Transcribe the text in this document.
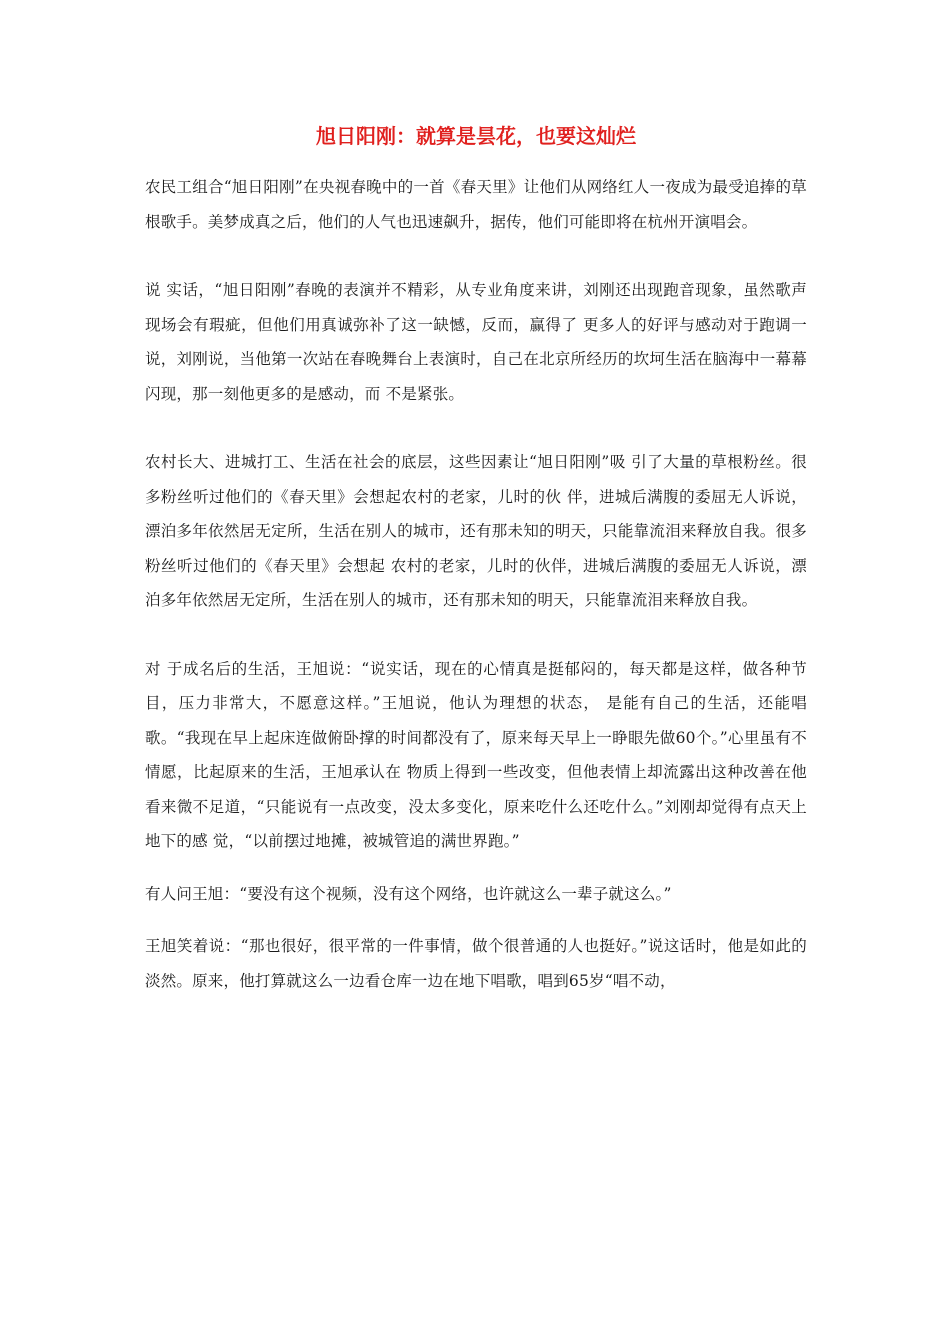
旭日阳刚：就算是昙花，也要这灿烂

农民工组合“旭日阳刚”在央视春晚中的一首《春天里》让他们从网络红人一夜成为最受追捧的草根歌手。美梦成真之后，他们的人气也迅速飙升，据传，他们可能即将在杭州开演唱会。

说 实话，“旭日阳刚”春晚的表演并不精彩，从专业角度来讲，刘刚还出现跑音现象，虽然歌声现场会有瑕疵，但他们用真诚弥补了这一缺憾，反而，赢得了 更多人的好评与感动对于跑调一说，刘刚说，当他第一次站在春晚舞台上表演时，自己在北京所经历的坎坷生活在脑海中一幕幕闪现，那一刻他更多的是感动，而 不是紧张。

农村长大、进城打工、生活在社会的底层，这些因素让“旭日阳刚”吸 引了大量的草根粉丝。很多粉丝听过他们的《春天里》会想起农村的老家，儿时的伙 伴，进城后满腹的委屈无人诉说，漂泊多年依然居无定所，生活在别人的城市，还有那未知的明天，只能靠流泪来释放自我。很多粉丝听过他们的《春天里》会想起 农村的老家，儿时的伙伴，进城后满腹的委屈无人诉说，漂泊多年依然居无定所，生活在别人的城市，还有那未知的明天，只能靠流泪来释放自我。

对 于成名后的生活，王旭说：“说实话，现在的心情真是挺郁闷的，每天都是这样，做各种节目，压力非常大，不愿意这样。”王旭说，他认为理想的状态， 是能有自己的生活，还能唱歌。“我现在早上起床连做俯卧撑的时间都没有了，原来每天早上一睁眼先做60个。”心里虽有不情愿，比起原来的生活，王旭承认在 物质上得到一些改变，但他表情上却流露出这种改善在他看来微不足道，“只能说有一点改变，没太多变化，原来吃什么还吃什么。”刘刚却觉得有点天上地下的感 觉，“以前摆过地摊，被城管追的满世界跑。”

有人问王旭：“要没有这个视频，没有这个网络，也许就这么一辈子就这么。”

王旭笑着说：“那也很好，很平常的一件事情，做个很普通的人也挺好。”说这话时，他是如此的淡然。原来，他打算就这么一边看仓库一边在地下唱歌，唱到65岁“唱不动，
